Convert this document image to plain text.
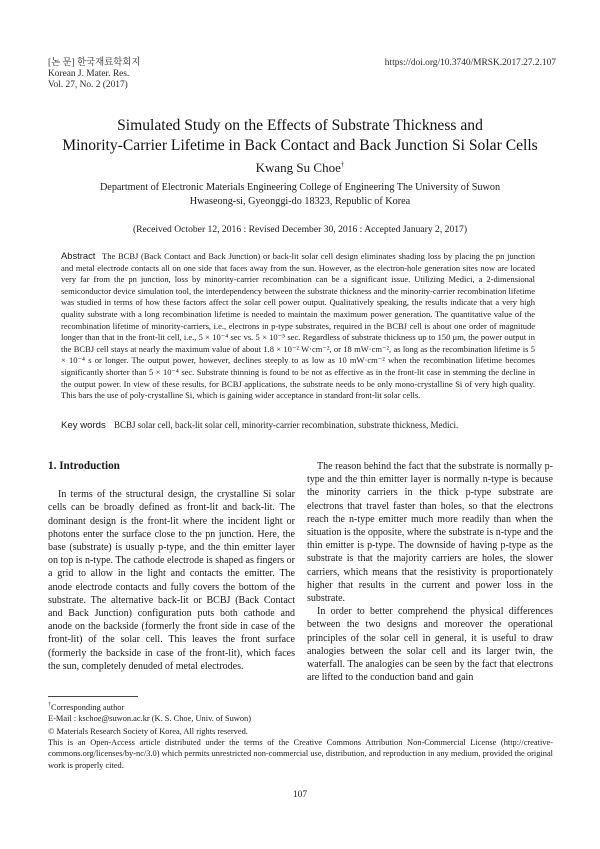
[논 문] 한국재료학회지
Korean J. Mater. Res.
Vol. 27, No. 2 (2017)
https://doi.org/10.3740/MRSK.2017.27.2.107
Simulated Study on the Effects of Substrate Thickness and
Minority-Carrier Lifetime in Back Contact and Back Junction Si Solar Cells
Kwang Su Choe†
Department of Electronic Materials Engineering College of Engineering The University of Suwon
Hwaseong-si, Gyeonggi-do 18323, Republic of Korea
(Received October 12, 2016 : Revised December 30, 2016 : Accepted January 2, 2017)
Abstract The BCBJ (Back Contact and Back Junction) or back-lit solar cell design eliminates shading loss by placing the pn junction and metal electrode contacts all on one side that faces away from the sun. However, as the electron-hole generation sites now are located very far from the pn junction, loss by minority-carrier recombination can be a significant issue. Utilizing Medici, a 2-dimensional semiconductor device simulation tool, the interdependency between the substrate thickness and the minority-carrier recombination lifetime was studied in terms of how these factors affect the solar cell power output. Qualitatively speaking, the results indicate that a very high quality substrate with a long recombination lifetime is needed to maintain the maximum power generation. The quantitative value of the recombination lifetime of minority-carriers, i.e., electrons in p-type substrates, required in the BCBJ cell is about one order of magnitude longer than that in the front-lit cell, i.e., 5 × 10⁻⁴ sec vs. 5 × 10⁻⁵ sec. Regardless of substrate thickness up to 150 μm, the power output in the BCBJ cell stays at nearly the maximum value of about 1.8 × 10⁻² W·cm⁻², or 18 mW·cm⁻², as long as the recombination lifetime is 5 × 10⁻⁴ s or longer. The output power, however, declines steeply to as low as 10 mW·cm⁻² when the recombination lifetime becomes significantly shorter than 5 × 10⁻⁴ sec. Substrate thinning is found to be not as effective as in the front-lit case in stemming the decline in the output power. In view of these results, for BCBJ applications, the substrate needs to be only mono-crystalline Si of very high quality. This bars the use of poly-crystalline Si, which is gaining wider acceptance in standard front-lit solar cells.
Key words BCBJ solar cell, back-lit solar cell, minority-carrier recombination, substrate thickness, Medici.

1. Introduction

In terms of the structural design, the crystalline Si solar cells can be broadly defined as front-lit and back-lit. The dominant design is the front-lit where the incident light or photons enter the surface close to the pn junction. Here, the base (substrate) is usually p-type, and the thin emitter layer on top is n-type. The cathode electrode is shaped as fingers or a grid to allow in the light and contacts the emitter. The anode electrode contacts and fully covers the bottom of the substrate. The alternative back-lit or BCBJ (Back Contact and Back Junction) configuration puts both cathode and anode on the backside (formerly the front side in case of the front-lit) of the solar cell. This leaves the front surface (formerly the backside in case of the front-lit), which faces the sun, completely denuded of metal electrodes.

The reason behind the fact that the substrate is normally p-type and the thin emitter layer is normally n-type is because the minority carriers in the thick p-type substrate are electrons that travel faster than holes, so that the electrons reach the n-type emitter much more readily than when the situation is the opposite, where the substrate is n-type and the thin emitter is p-type. The downside of having p-type as the substrate is that the majority carriers are holes, the slower carriers, which means that the resistivity is proportionately higher that results in the current and power loss in the substrate.

In order to better comprehend the physical differences between the two designs and moreover the operational principles of the solar cell in general, it is useful to draw analogies between the solar cell and its larger twin, the waterfall. The analogies can be seen by the fact that electrons are lifted to the conduction band and gain

†Corresponding author
E-Mail : kschoe@suwon.ac.kr (K. S. Choe, Univ. of Suwon)
© Materials Research Society of Korea, All rights reserved.
This is an Open-Access article distributed under the terms of the Creative Commons Attribution Non-Commercial License (http://creative-commons.org/licenses/by-nc/3.0) which permits unrestricted non-commercial use, distribution, and reproduction in any medium, provided the original work is properly cited.
107
